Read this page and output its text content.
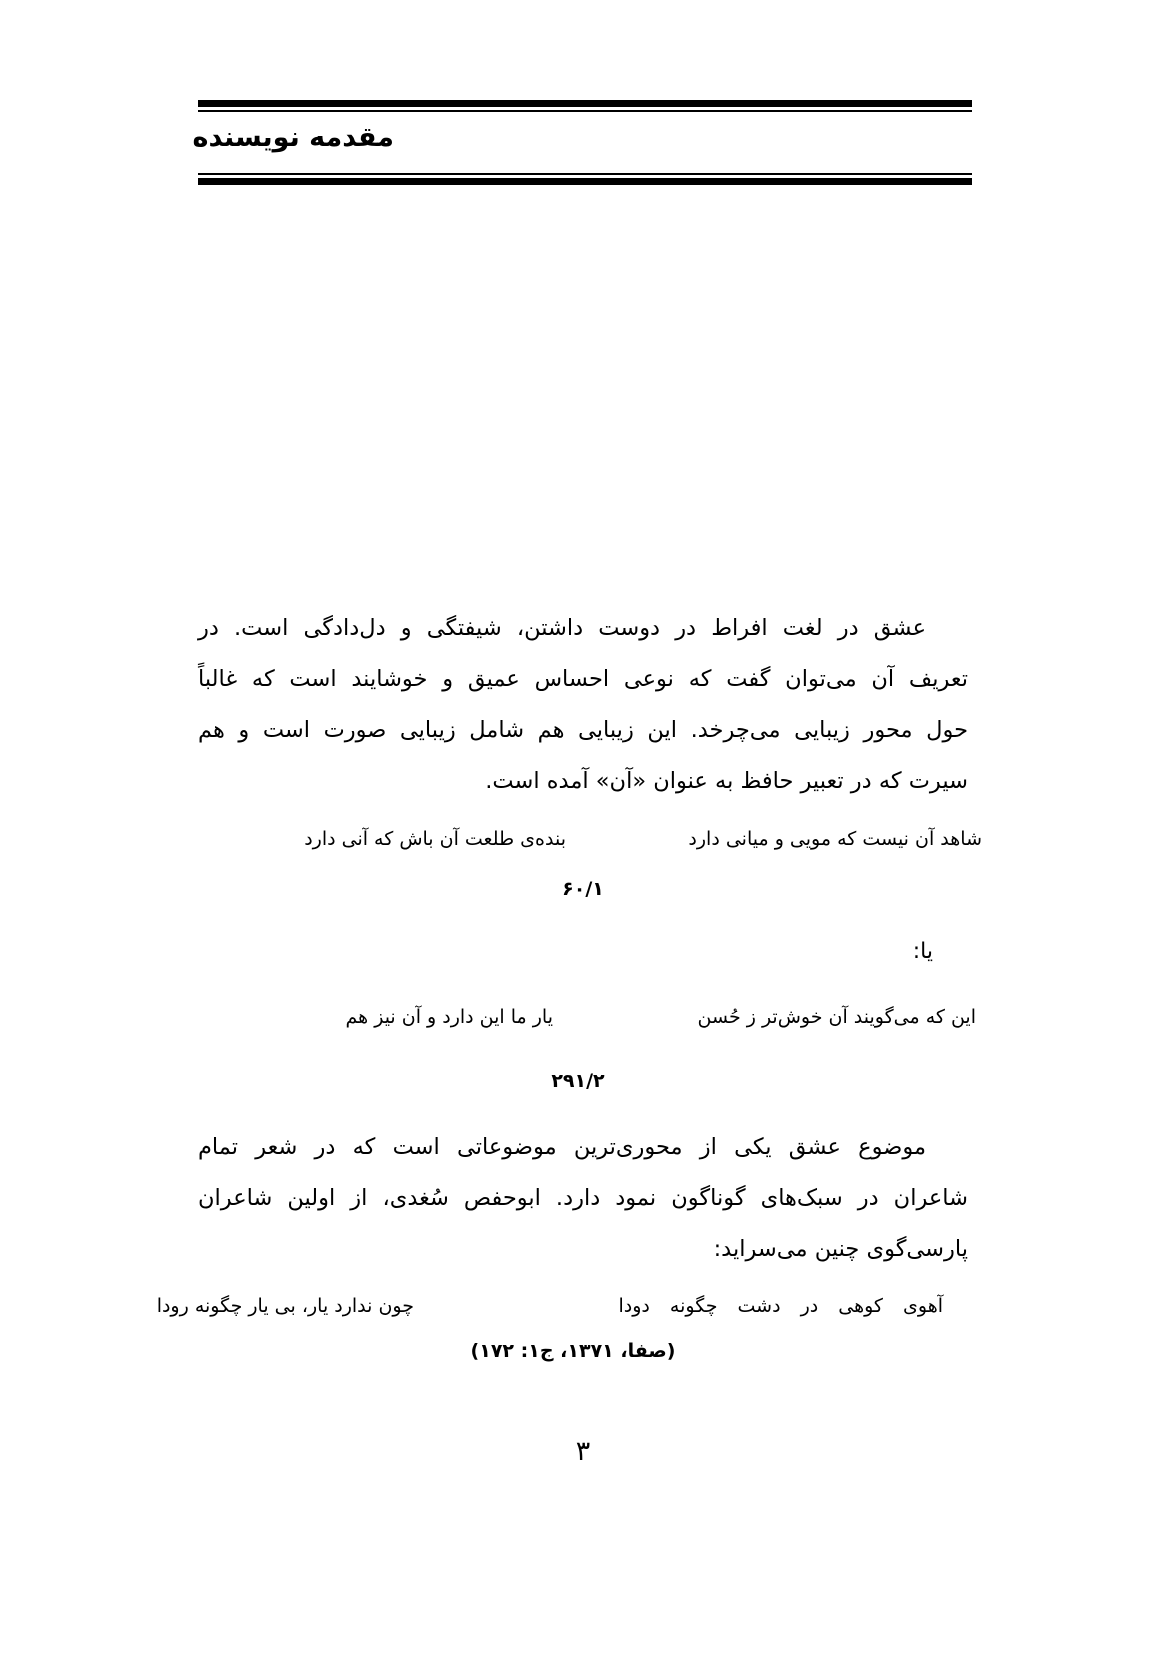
مقدمه نویسنده
عشق در لغت افراط در دوست داشتن، شیفتگی و دل‌دادگی است. در
تعریف آن می‌توان گفت که نوعی احساس عمیق و خوشایند است که غالباً
حول محور زیبایی می‌چرخد. این زیبایی هم شامل زیبایی صورت است و هم
سیرت که در تعبیر حافظ به عنوان «آن» آمده است.
شاهد آن نیست که مویی و میانی دارد
بنده‌ی طلعت آن باش که آنی دارد
۶۰/۱
یا:
این که می‌گویند آن خوش‌تر ز حُسن
یار ما این دارد و آن نیز هم
۲۹۱/۲
موضوع عشق یکی از محوری‌ترین موضوعاتی است که در شعر تمام
شاعران در سبک‌های گوناگون نمود دارد. ابوحفص سُغدی، از اولین شاعران
پارسی‌گوی چنین می‌سراید:
آهوی کوهی در دشت چگونه دودا
چون ندارد یار، بی یار چگونه رودا
(صفا، ۱۳۷۱، ج۱: ۱۷۲)
۳
